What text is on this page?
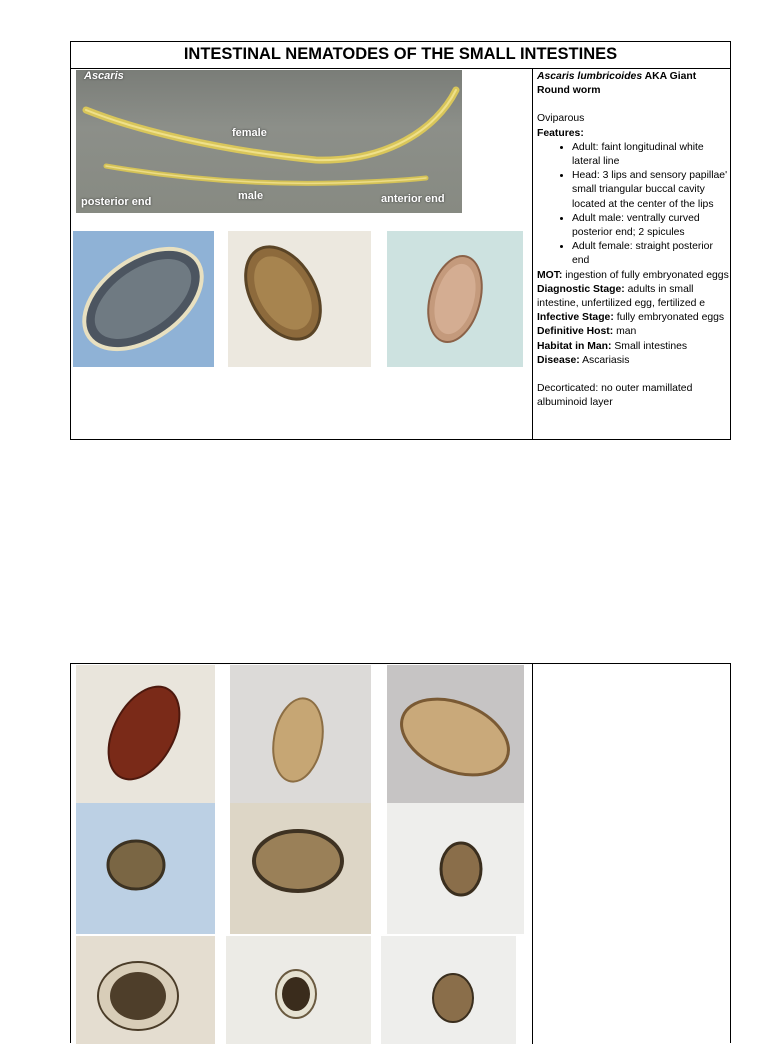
INTESTINAL NEMATODES OF THE SMALL INTESTINES
Ascaris
female
male
posterior end	anterior end

Ascaris lumbricoides AKA Giant Round worm

Oviparous

Features:

• Adult: faint longitudinal white lateral line
• Head: 3 lips and sensory papillae' small triangular buccal cavity located at the center of the lips
• Adult male: ventrally curved posterior end; 2 spicules
• Adult female: straight posterior end

MOT: ingestion of fully embryonated eggs

Diagnostic Stage: adults in small intestine, unfertilized egg, fertilized e

Infective Stage: fully embryonated eggs

Definitive Host: man

Habitat in Man: Small intestines

Disease: Ascariasis

Decorticated: no outer mamillated albuminoid layer
